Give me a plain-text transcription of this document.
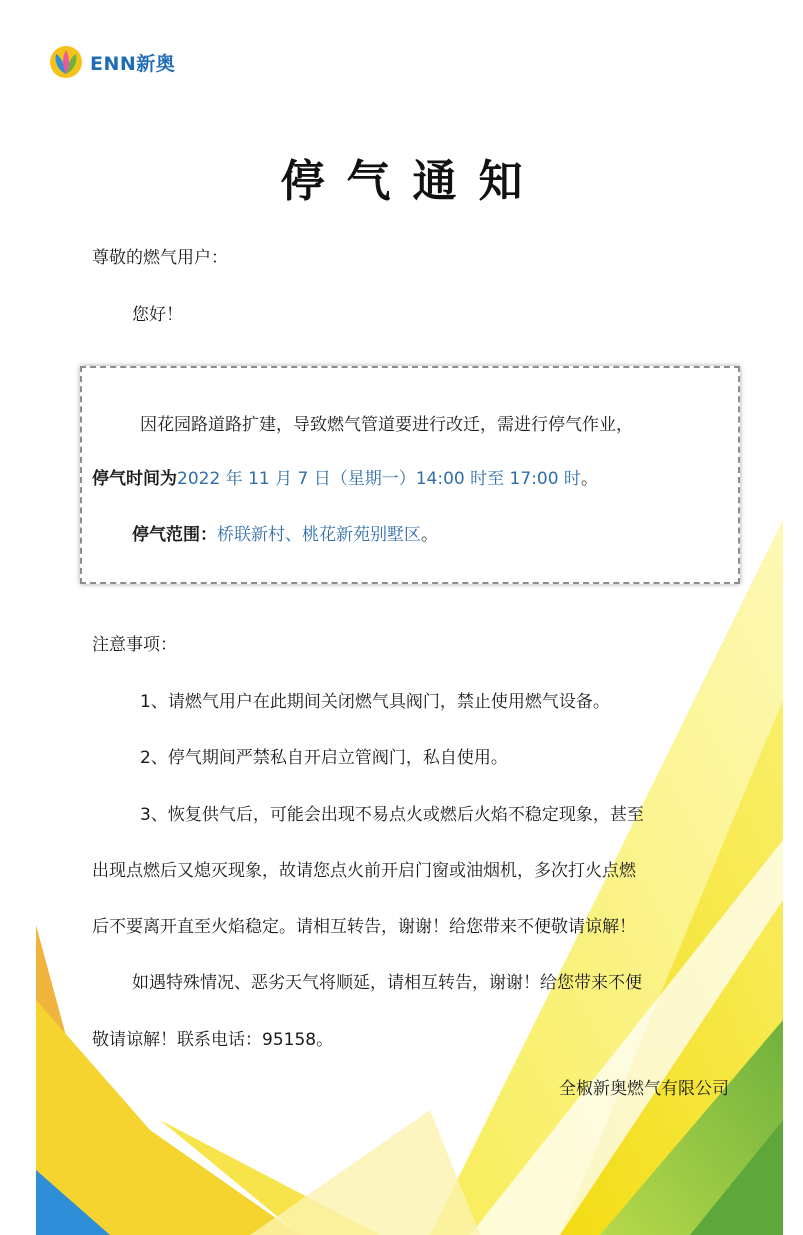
ENN新奥
停气通知
尊敬的燃气用户：
您好！
因花园路道路扩建，导致燃气管道要进行改迁，需进行停气作业，
停气时间为2022 年 11 月 7 日（星期一）14:00 时至 17:00 时。
停气范围：桥联新村、桃花新苑别墅区。
注意事项：
1、请燃气用户在此期间关闭燃气具阀门，禁止使用燃气设备。
2、停气期间严禁私自开启立管阀门，私自使用。
3、恢复供气后，可能会出现不易点火或燃后火焰不稳定现象，甚至
出现点燃后又熄灭现象，故请您点火前开启门窗或油烟机，多次打火点燃
后不要离开直至火焰稳定。请相互转告，谢谢！给您带来不便敬请谅解！
如遇特殊情况、恶劣天气将顺延，请相互转告，谢谢！给您带来不便
敬请谅解！联系电话：95158。
全椒新奥燃气有限公司
